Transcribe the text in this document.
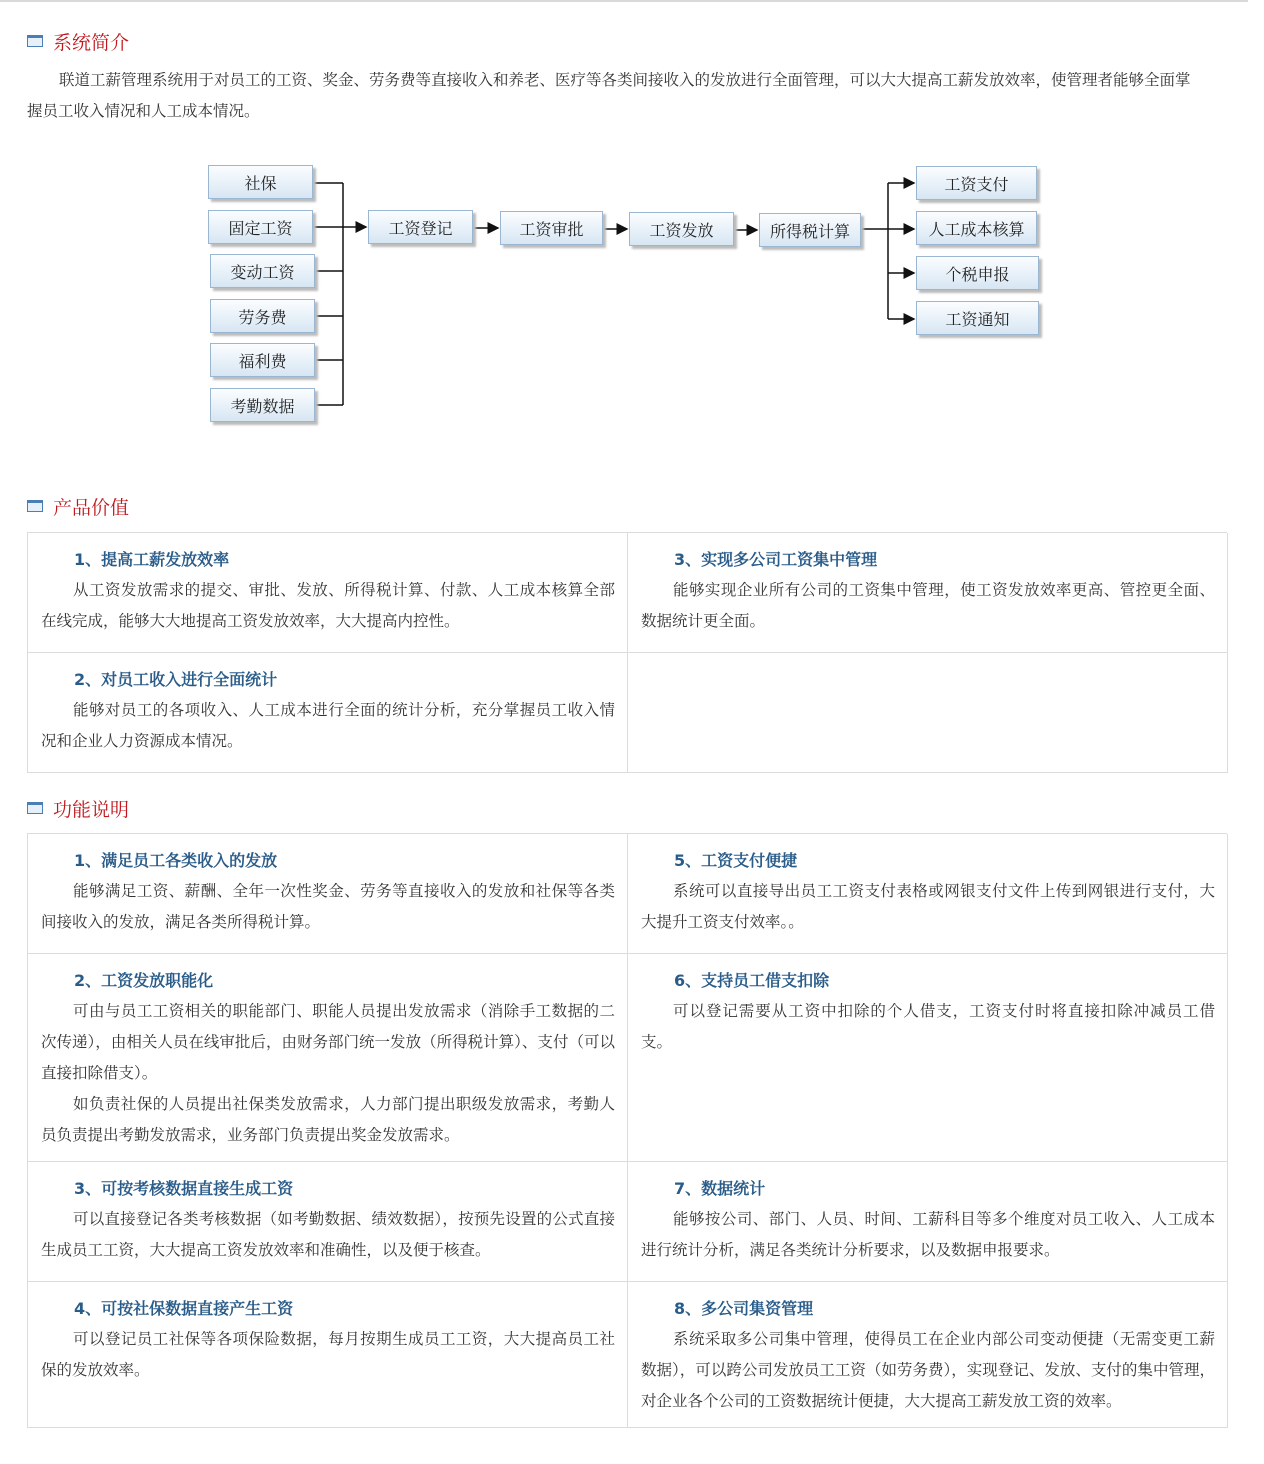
系统简介

联道工薪管理系统用于对员工的工资、奖金、劳务费等直接收入和养老、医疗等各类间接收入的发放进行全面管理，可以大大提高工薪发放效率，使管理者能够全面掌握员工收入情况和人工成本情况。

社保
固定工资
变动工资
劳务费
福利费
考勤数据
工资登记	工资审批	工资发放	所得税计算
工资支付
人工成本核算
个税申报
工资通知
产品价值

1、提高工薪发放效率

从工资发放需求的提交、审批、发放、所得税计算、付款、人工成本核算全部在线完成，能够大大地提高工资发放效率，大大提高内控性。

3、实现多公司工资集中管理

能够实现企业所有公司的工资集中管理，使工资发放效率更高、管控更全面、数据统计更全面。

2、对员工收入进行全面统计

能够对员工的各项收入、人工成本进行全面的统计分析，充分掌握员工收入情况和企业人力资源成本情况。

功能说明

1、满足员工各类收入的发放

能够满足工资、薪酬、全年一次性奖金、劳务等直接收入的发放和社保等各类间接收入的发放，满足各类所得税计算。

5、工资支付便捷

系统可以直接导出员工工资支付表格或网银支付文件上传到网银进行支付，大大提升工资支付效率。。

2、工资发放职能化

可由与员工工资相关的职能部门、职能人员提出发放需求（消除手工数据的二次传递），由相关人员在线审批后，由财务部门统一发放（所得税计算）、支付（可以直接扣除借支）。

如负责社保的人员提出社保类发放需求，人力部门提出职级发放需求，考勤人员负责提出考勤发放需求，业务部门负责提出奖金发放需求。

6、支持员工借支扣除

可以登记需要从工资中扣除的个人借支，工资支付时将直接扣除冲减员工借支。

3、可按考核数据直接生成工资

可以直接登记各类考核数据（如考勤数据、绩效数据），按预先设置的公式直接生成员工工资，大大提高工资发放效率和准确性，以及便于核查。

7、数据统计

能够按公司、部门、人员、时间、工薪科目等多个维度对员工收入、人工成本进行统计分析，满足各类统计分析要求，以及数据申报要求。

4、可按社保数据直接产生工资

可以登记员工社保等各项保险数据，每月按期生成员工工资，大大提高员工社保的发放效率。

8、多公司集资管理

系统采取多公司集中管理，使得员工在企业内部公司变动便捷（无需变更工薪数据），可以跨公司发放员工工资（如劳务费），实现登记、发放、支付的集中管理，对企业各个公司的工资数据统计便捷，大大提高工薪发放工资的效率。
